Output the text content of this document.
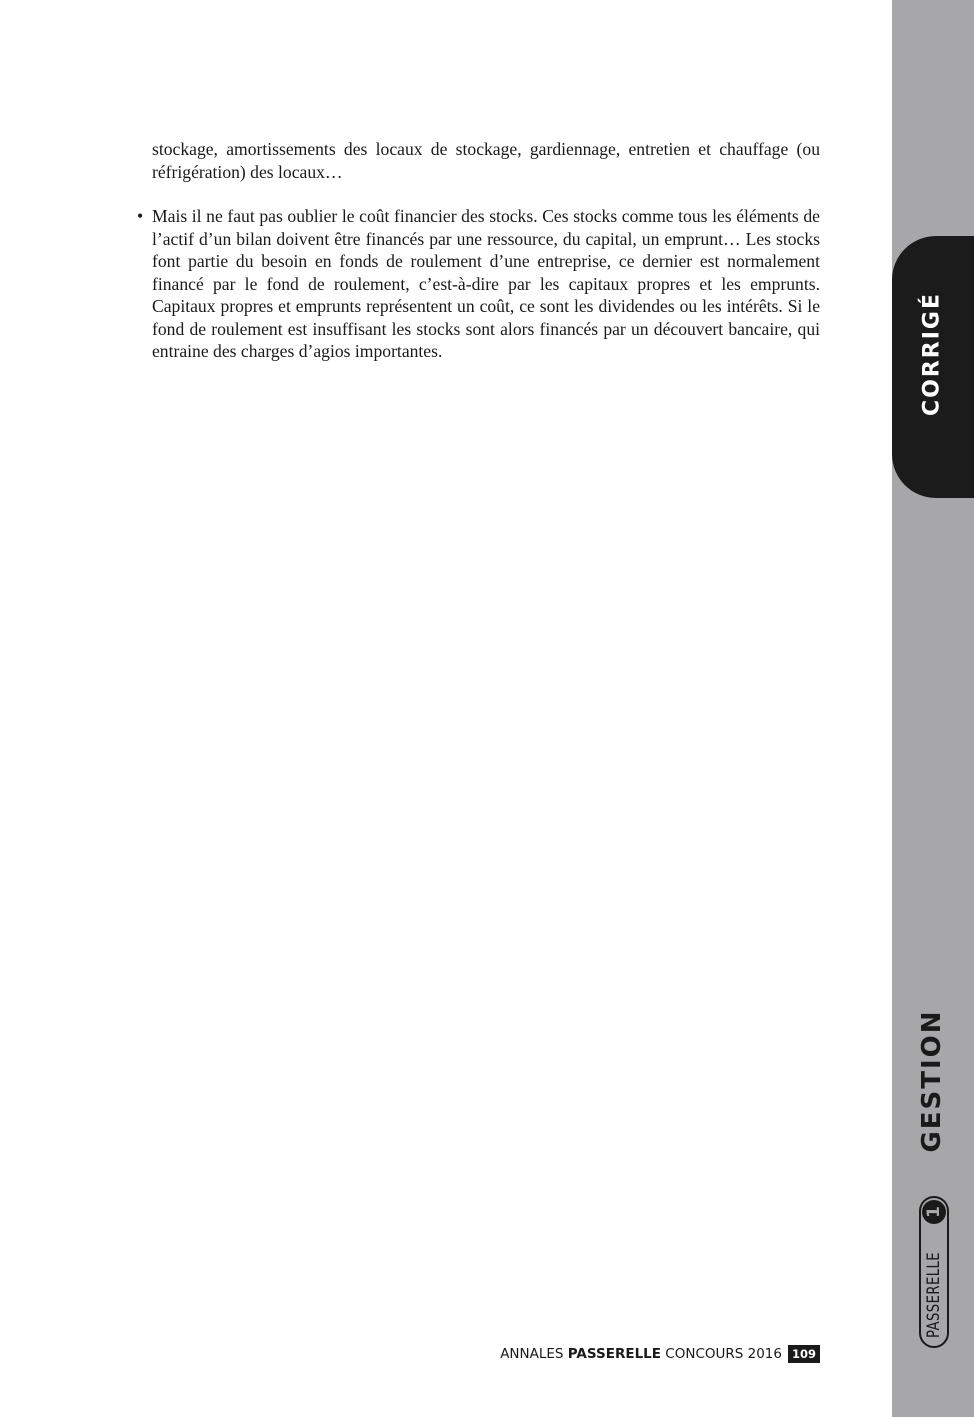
stockage, amortissements des locaux de stockage, gardiennage, entretien et chauffage (ou réfrigération) des locaux…

• Mais il ne faut pas oublier le coût financier des stocks. Ces stocks comme tous les éléments de l’actif d’un bilan doivent être financés par une ressource, du capital, un emprunt… Les stocks font partie du besoin en fonds de roulement d’une entreprise, ce dernier est normalement financé par le fond de roulement, c’est-à-dire par les capitaux propres et les emprunts. Capitaux propres et emprunts représentent un coût, ce sont les dividendes ou les intérêts. Si le fond de roulement est insuffisant les stocks sont alors financés par un découvert bancaire, qui entraine des charges d’agios importantes.	CORRIGÉ
GESTION
PASSERELLE
1
ANNALES
PASSERELLE
CONCOURS 2016 109
